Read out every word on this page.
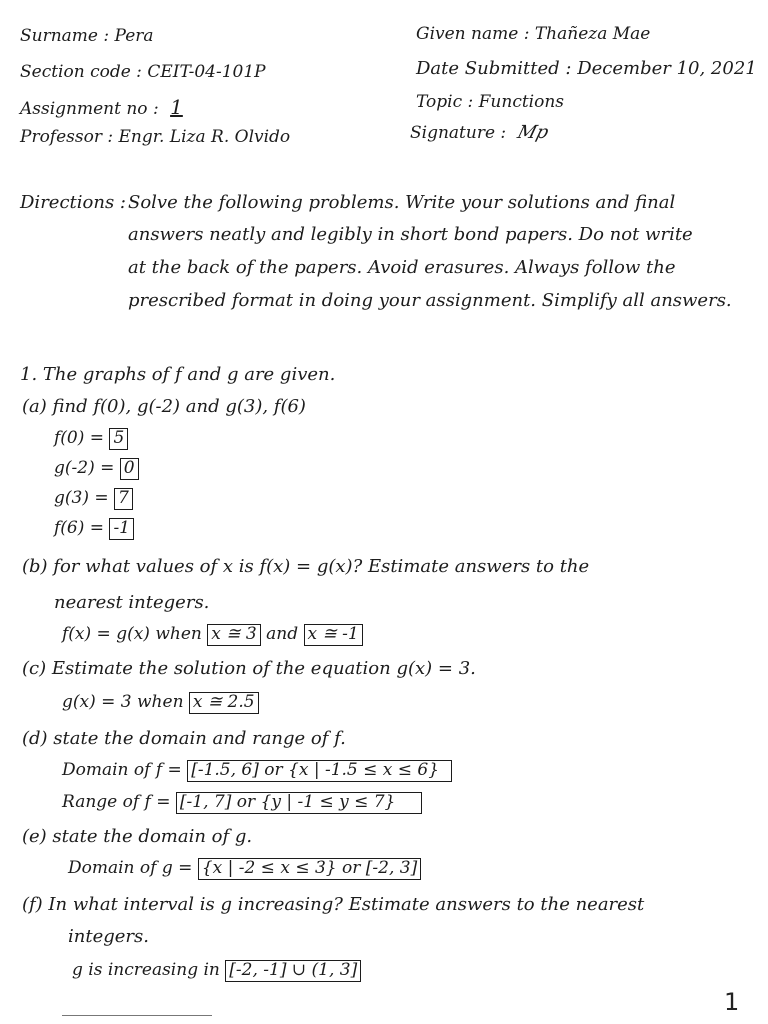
Surname : Pera
Section code : CEIT-04-101P
Assignment no : 1
Professor : Engr. Liza R. Olvido
Given name : Thañeza Mae
Date Submitted : December 10, 2021
Topic : Functions
Signature : Mp
Directions : Solve the following problems. Write your solutions and final
answers neatly and legibly in short bond papers. Do not write
at the back of the papers. Avoid erasures. Always follow the
prescribed format in doing your assignment. Simplify all answers.
1. The graphs of f and g are given.
(a) find f(0), g(-2) and g(3), f(6)
f(0) = 5
g(-2) = 0
g(3) = 7
f(6) = -1
(b) for what values of x is f(x) = g(x)? Estimate answers to the
nearest integers.
f(x) = g(x) when x ≅ 3 and x ≅ -1
(c) Estimate the solution of the equation g(x) = 3.
g(x) = 3 when x ≅ 2.5
(d) state the domain and range of f.
Domain of f = [-1.5, 6] or {x | -1.5 ≤ x ≤ 6}
Range of f = [-1, 7] or {y | -1 ≤ y ≤ 7}
(e) state the domain of g.
Domain of g = {x | -2 ≤ x ≤ 3} or [-2, 3]
(f) In what interval is g increasing? Estimate answers to the nearest
integers.
g is increasing in [-2, -1] ∪ (1, 3]
1
